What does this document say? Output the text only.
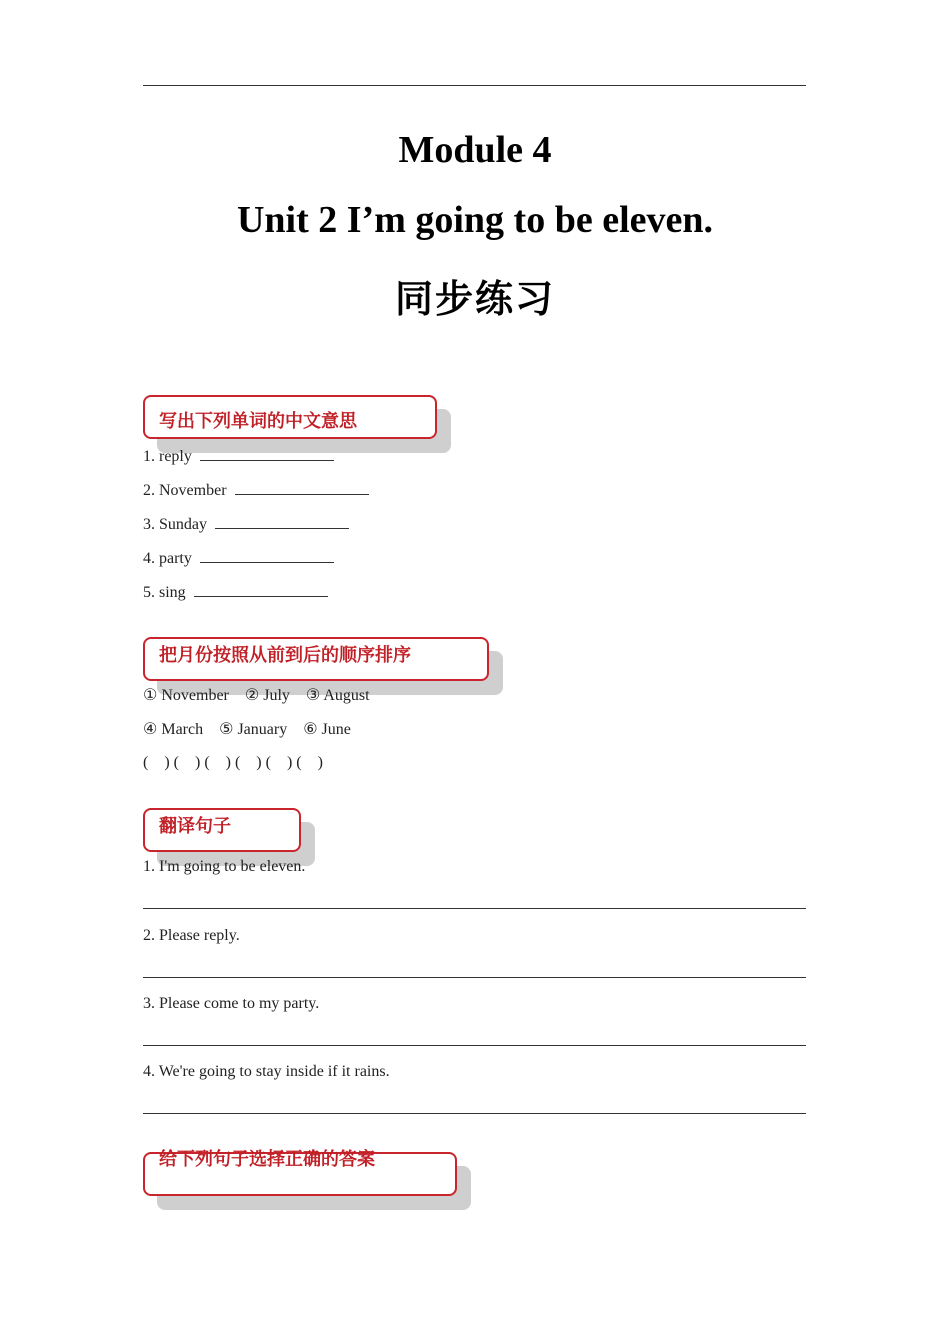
Module 4
Unit 2 I’m going to be eleven.
同步练习
写出下列单词的中文意思
1. reply
2. November
3. Sunday
4. party
5. sing
把月份按照从前到后的顺序排序
① November    ② July    ③ August
④ March    ⑤ January    ⑥ June
(    ) (    ) (    ) (    ) (    ) (    )
翻译句子
1. I'm going to be eleven.
2. Please reply.
3. Please come to my party.
4. We're going to stay inside if it rains.
给下列句子选择正确的答案
